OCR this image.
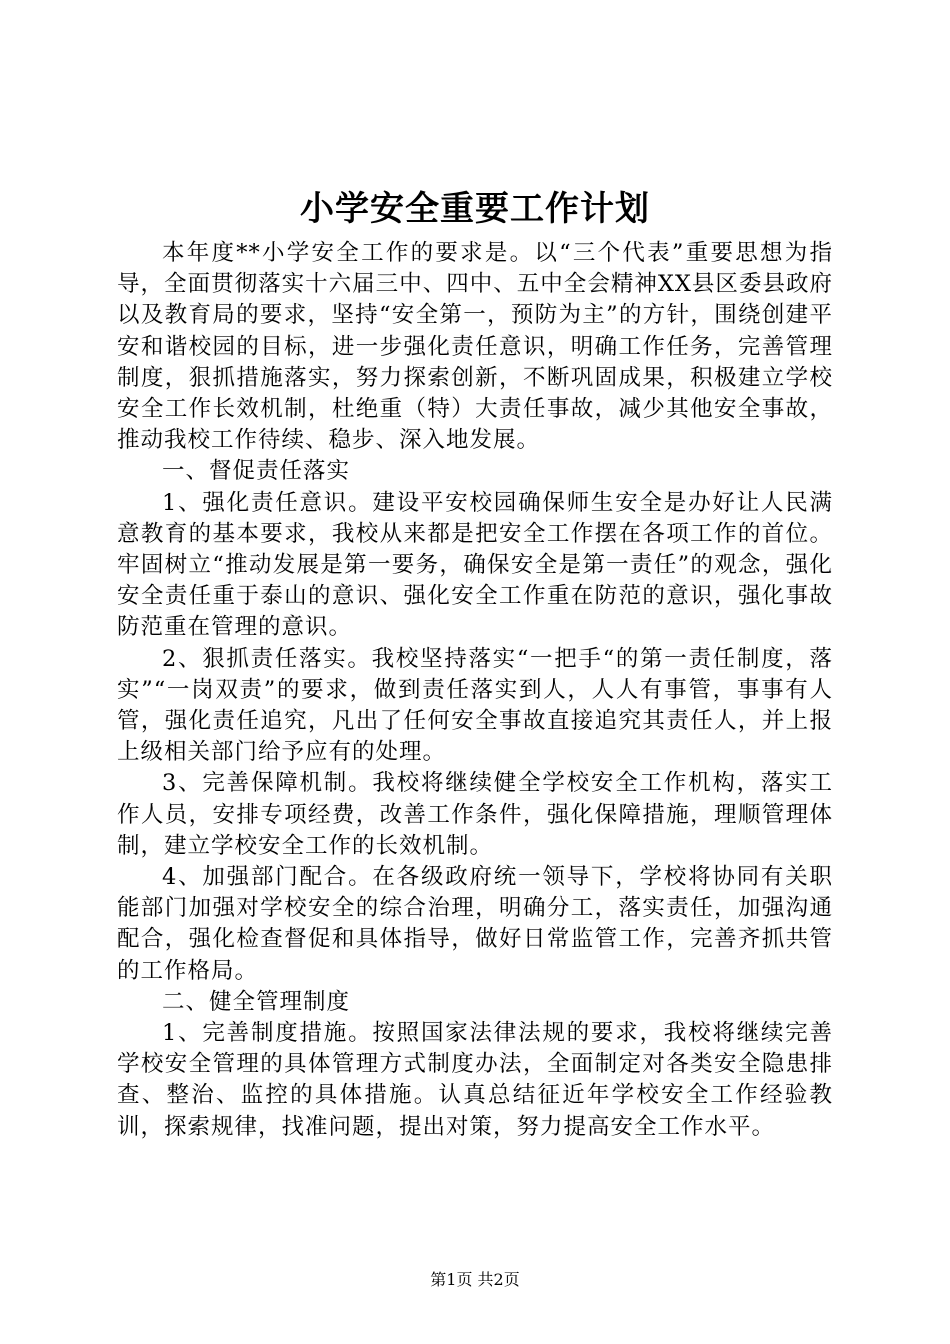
小学安全重要工作计划

本年度**小学安全工作的要求是。以“三个代表”重要思想为指导，全面贯彻落实十六届三中、四中、五中全会精神XX县区委县政府以及教育局的要求，坚持“安全第一，预防为主”的方针，围绕创建平安和谐校园的目标，进一步强化责任意识，明确工作任务，完善管理制度，狠抓措施落实，努力探索创新，不断巩固成果，积极建立学校安全工作长效机制，杜绝重（特）大责任事故，减少其他安全事故，推动我校工作待续、稳步、深入地发展。

一、督促责任落实

1、强化责任意识。建设平安校园确保师生安全是办好让人民满意教育的基本要求，我校从来都是把安全工作摆在各项工作的首位。牢固树立“推动发展是第一要务，确保安全是第一责任”的观念，强化安全责任重于泰山的意识、强化安全工作重在防范的意识，强化事故防范重在管理的意识。

2、狠抓责任落实。我校坚持落实“一把手“的第一责任制度，落实”“一岗双责”的要求，做到责任落实到人，人人有事管，事事有人管，强化责任追究，凡出了任何安全事故直接追究其责任人，并上报上级相关部门给予应有的处理。

3、完善保障机制。我校将继续健全学校安全工作机构，落实工作人员，安排专项经费，改善工作条件，强化保障措施，理顺管理体制，建立学校安全工作的长效机制。

4、加强部门配合。在各级政府统一领导下，学校将协同有关职能部门加强对学校安全的综合治理，明确分工，落实责任，加强沟通配合，强化检查督促和具体指导，做好日常监管工作，完善齐抓共管的工作格局。

二、健全管理制度

1、完善制度措施。按照国家法律法规的要求，我校将继续完善学校安全管理的具体管理方式制度办法，全面制定对各类安全隐患排查、整治、监控的具体措施。认真总结征近年学校安全工作经验教训，探索规律，找准问题，提出对策，努力提高安全工作水平。

第1页 共2页
